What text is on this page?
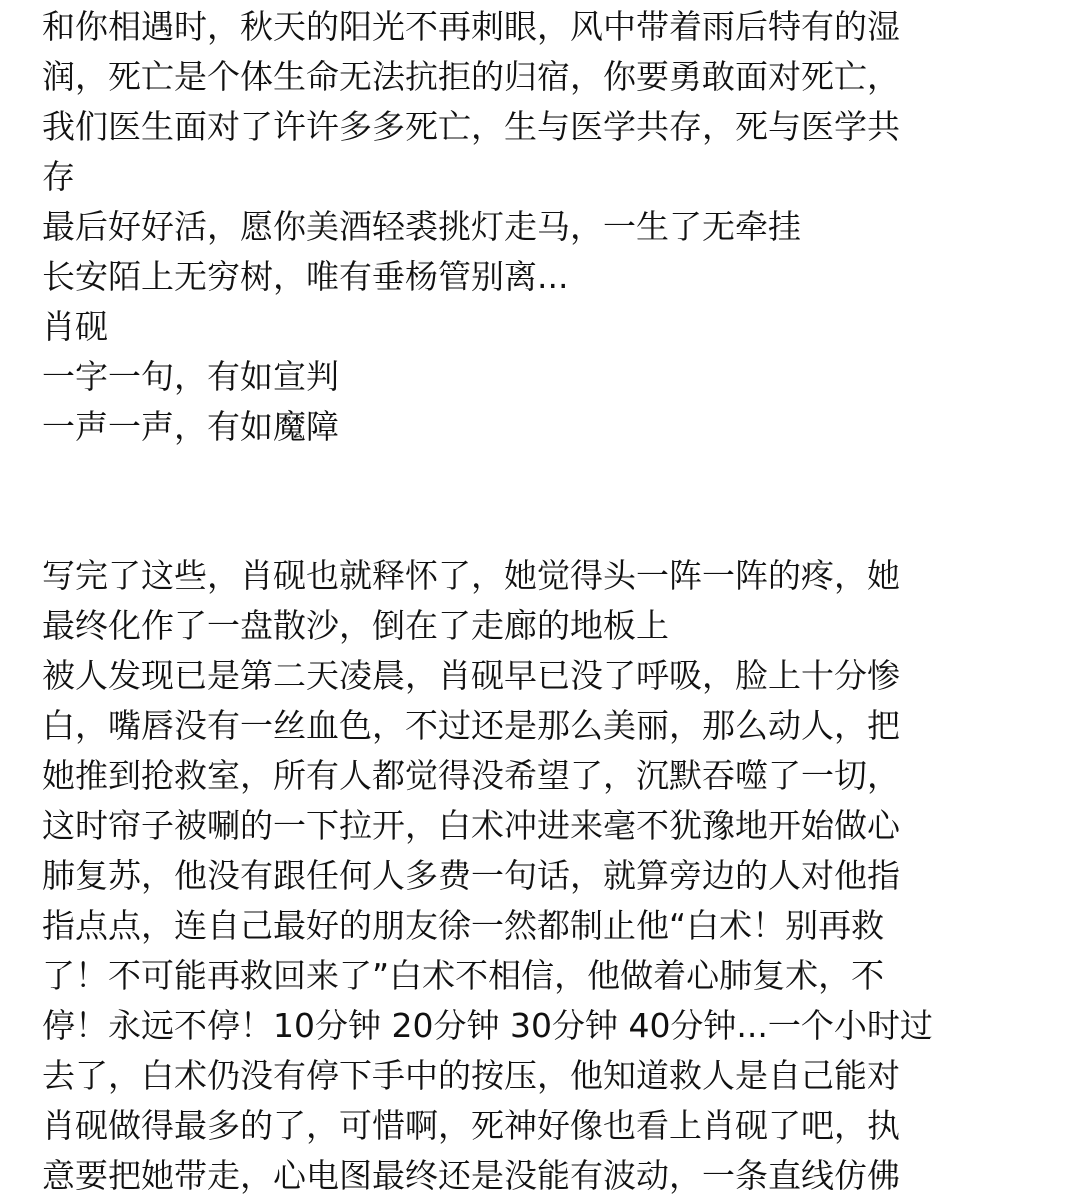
和你相遇时，秋天的阳光不再刺眼，风中带着雨后特有的湿

润，死亡是个体生命无法抗拒的归宿，你要勇敢面对死亡，

我们医生面对了许许多多死亡，生与医学共存，死与医学共

存

最后好好活，愿你美酒轻裘挑灯走马，一生了无牵挂

长安陌上无穷树，唯有垂杨管别离...

肖砚

一字一句，有如宣判

一声一声，有如魔障

写完了这些，肖砚也就释怀了，她觉得头一阵一阵的疼，她

最终化作了一盘散沙，倒在了走廊的地板上

被人发现已是第二天凌晨，肖砚早已没了呼吸，脸上十分惨

白，嘴唇没有一丝血色，不过还是那么美丽，那么动人，把

她推到抢救室，所有人都觉得没希望了，沉默吞噬了一切，

这时帘子被唰的一下拉开，白术冲进来毫不犹豫地开始做心

肺复苏，他没有跟任何人多费一句话，就算旁边的人对他指

指点点，连自己最好的朋友徐一然都制止他“白术！别再救

了！不可能再救回来了”白术不相信，他做着心肺复术，不

停！永远不停！10分钟 20分钟 30分钟 40分钟...一个小时过

去了，白术仍没有停下手中的按压，他知道救人是自己能对

肖砚做得最多的了，可惜啊，死神好像也看上肖砚了吧，执

意要把她带走，心电图最终还是没能有波动，一条直线仿佛
